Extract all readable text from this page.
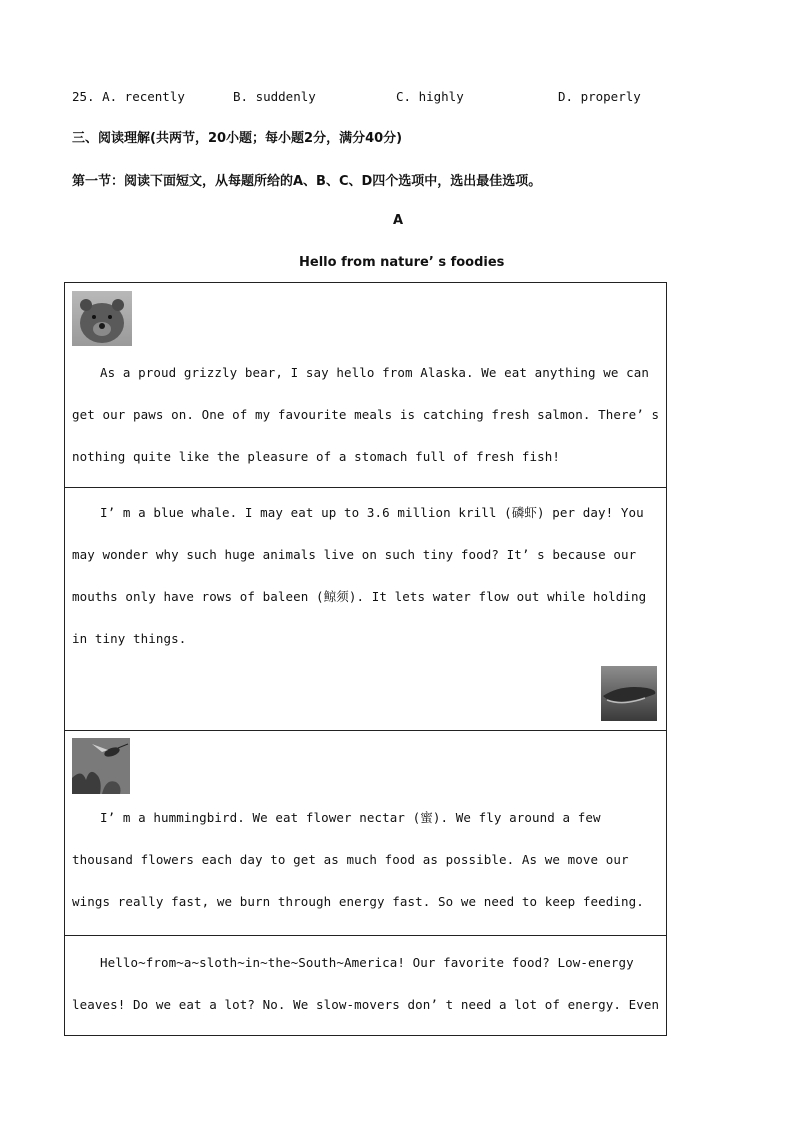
25. A. recently	B. suddenly	C. highly	D. properly
三、阅读理解(共两节，20小题；每小题2分，满分40分)
第一节：阅读下面短文，从每题所给的A、B、C、D四个选项中，选出最佳选项。
A
Hello from nature’ s foodies
As a proud grizzly bear, I say hello from Alaska. We eat anything we can
get our paws on. One of my favourite meals is catching fresh salmon. There’ s
nothing quite like the pleasure of a stomach full of fresh fish!

I’ m a blue whale. I may eat up to 3.6 million krill (磷虾) per day! You
may wonder why such huge animals live on such tiny food? It’ s because our
mouths only have rows of baleen (鲸须). It lets water flow out while holding
in tiny things.

I’ m a hummingbird. We eat flower nectar (蜜). We fly around a few
thousand flowers each day to get as much food as possible. As we move our
wings really fast, we burn through energy fast. So we need to keep feeding.

Hello~from~a~sloth~in~the~South~America! Our favorite food? Low-energy
leaves! Do we eat a lot? No. We slow-movers don’ t need a lot of energy. Even
